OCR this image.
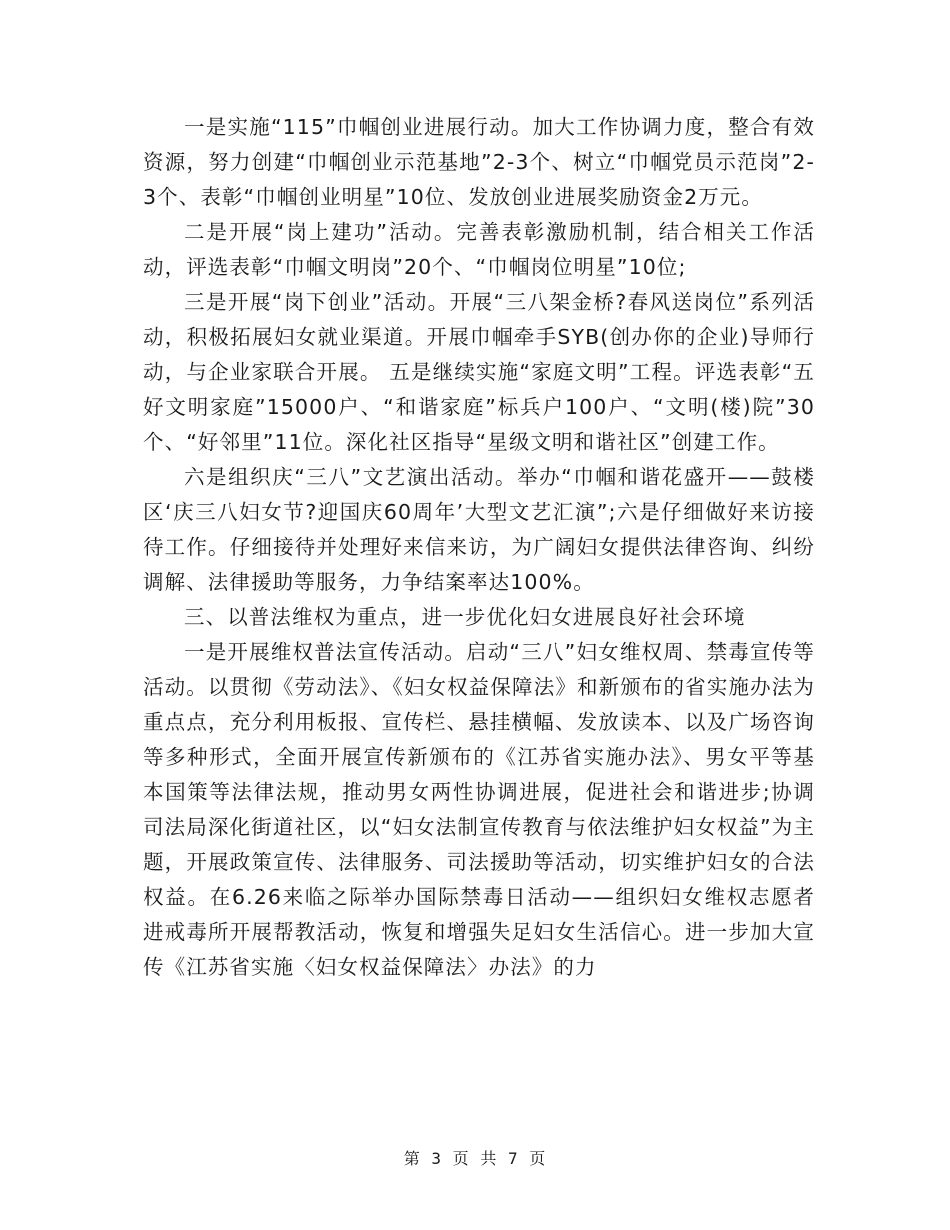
一是实施“115”巾帼创业进展行动。加大工作协调力度，整合有效资源，努力创建“巾帼创业示范基地”2-3个、树立“巾帼党员示范岗”2-3个、表彰“巾帼创业明星”10位、发放创业进展奖励资金2万元。

二是开展“岗上建功”活动。完善表彰激励机制，结合相关工作活动，评选表彰“巾帼文明岗”20个、“巾帼岗位明星”10位;

三是开展“岗下创业”活动。开展“三八架金桥?春风送岗位”系列活动，积极拓展妇女就业渠道。开展巾帼牵手SYB(创办你的企业)导师行动，与企业家联合开展。 五是继续实施“家庭文明”工程。评选表彰“五好文明家庭”15000户、“和谐家庭”标兵户100户、“文明(楼)院”30个、“好邻里”11位。深化社区指导“星级文明和谐社区”创建工作。

六是组织庆“三八”文艺演出活动。举办“巾帼和谐花盛开——鼓楼区‘庆三八妇女节?迎国庆60周年’大型文艺汇演”;六是仔细做好来访接待工作。仔细接待并处理好来信来访，为广阔妇女提供法律咨询、纠纷调解、法律援助等服务，力争结案率达100%。

三、以普法维权为重点，进一步优化妇女进展良好社会环境

一是开展维权普法宣传活动。启动“三八”妇女维权周、禁毒宣传等活动。以贯彻《劳动法》、《妇女权益保障法》和新颁布的省实施办法为重点点，充分利用板报、宣传栏、悬挂横幅、发放读本、以及广场咨询等多种形式，全面开展宣传新颁布的《江苏省实施办法》、男女平等基本国策等法律法规，推动男女两性协调进展，促进社会和谐进步;协调司法局深化街道社区，以“妇女法制宣传教育与依法维护妇女权益”为主题，开展政策宣传、法律服务、司法援助等活动，切实维护妇女的合法权益。在6.26来临之际举办国际禁毒日活动——组织妇女维权志愿者进戒毒所开展帮教活动，恢复和增强失足妇女生活信心。进一步加大宣传《江苏省实施〈妇女权益保障法〉办法》的力

第 3 页 共 7 页
